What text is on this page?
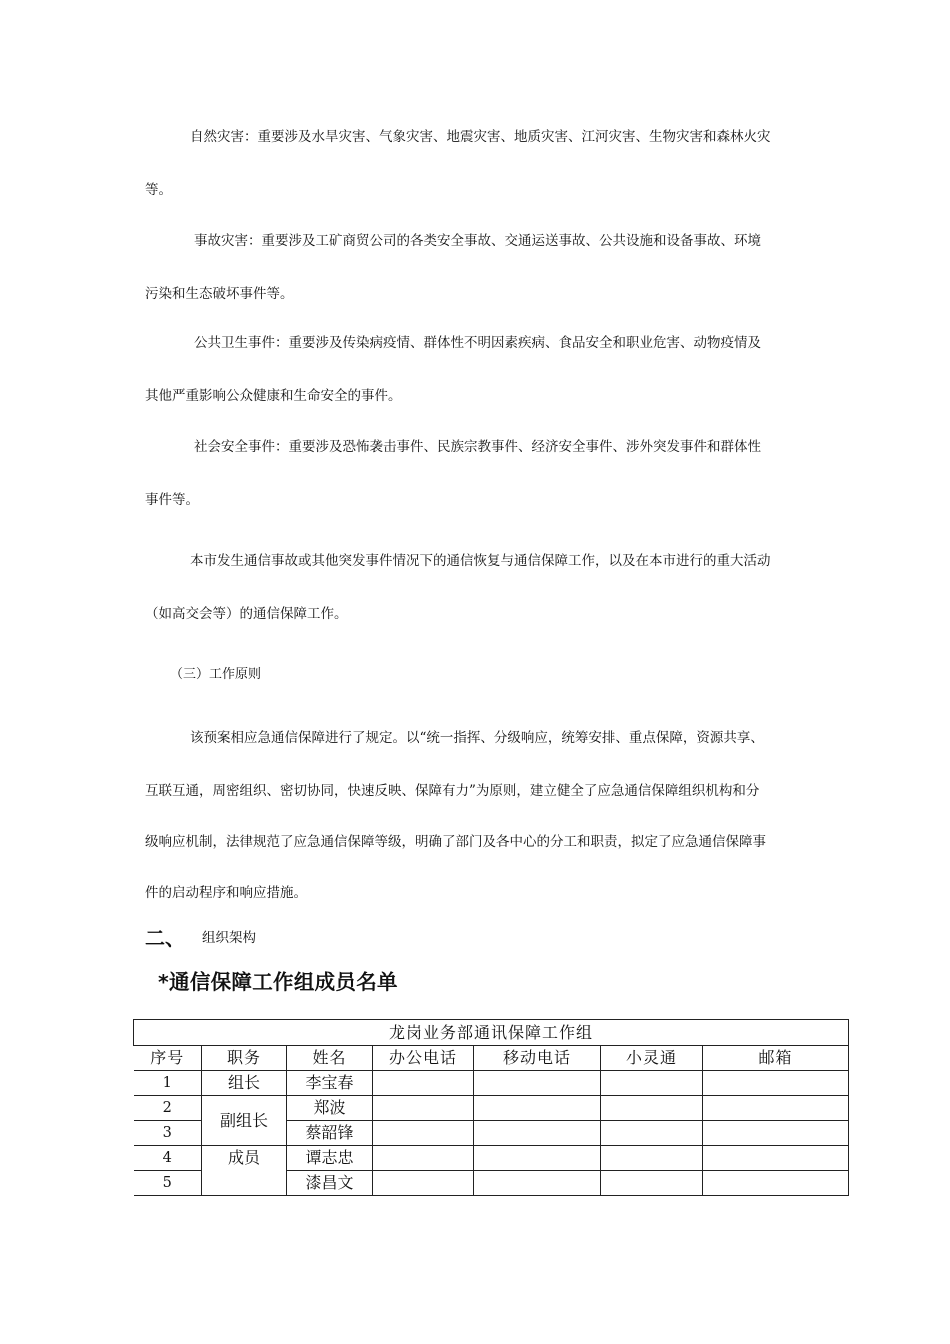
自然灾害：重要涉及水旱灾害、气象灾害、地震灾害、地质灾害、江河灾害、生物灾害和森林火灾
等。
事故灾害：重要涉及工矿商贸公司的各类安全事故、交通运送事故、公共设施和设备事故、环境
污染和生态破坏事件等。
公共卫生事件：重要涉及传染病疫情、群体性不明因素疾病、食品安全和职业危害、动物疫情及
其他严重影响公众健康和生命安全的事件。
社会安全事件：重要涉及恐怖袭击事件、民族宗教事件、经济安全事件、涉外突发事件和群体性
事件等。
本市发生通信事故或其他突发事件情况下的通信恢复与通信保障工作，以及在本市进行的重大活动
（如高交会等）的通信保障工作。
（三）工作原则
该预案相应急通信保障进行了规定。以“统一指挥、分级响应，统筹安排、重点保障，资源共享、
互联互通，周密组织、密切协同，快速反映、保障有力”为原则，建立健全了应急通信保障组织机构和分
级响应机制，法律规范了应急通信保障等级，明确了部门及各中心的分工和职责，拟定了应急通信保障事
件的启动程序和响应措施。
二、 组织架构
*通信保障工作组成员名单
龙岗业务部通讯保障工作组						
序号	职务	姓名	办公电话	移动电话	小灵通	邮箱
1	组长	李宝春				
2	副组长	郑波				
3		蔡韶锋				
4	成员	谭志忠				
5		漆昌文				
